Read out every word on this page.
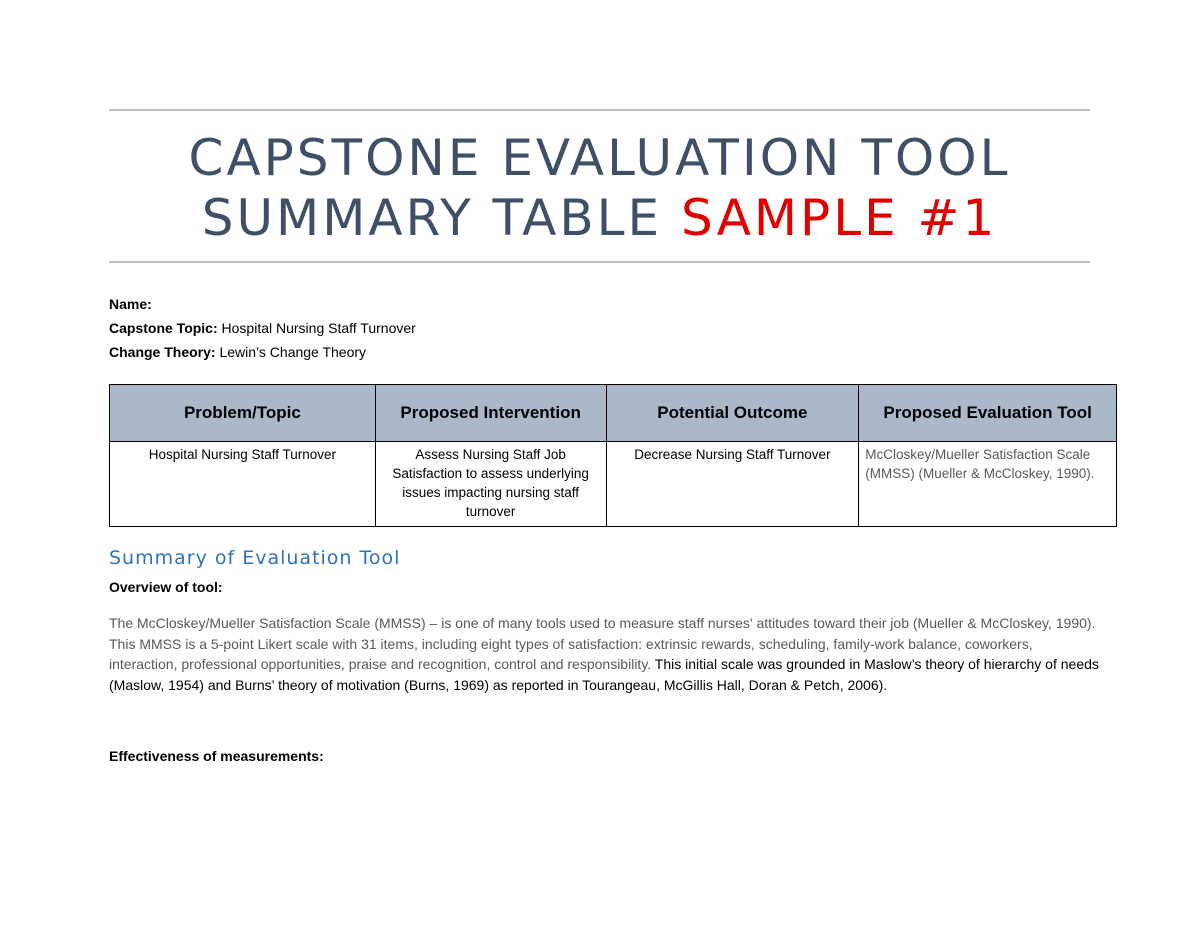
CAPSTONE EVALUATION TOOL
SUMMARY TABLE SAMPLE #1
Name:
Capstone Topic: Hospital Nursing Staff Turnover
Change Theory: Lewin’s Change Theory
Problem/Topic	Proposed Intervention	Potential Outcome	Proposed Evaluation Tool
Hospital Nursing Staff Turnover	Assess Nursing Staff Job Satisfaction to assess underlying issues impacting nursing staff turnover	Decrease Nursing Staff Turnover	McCloskey/Mueller Satisfaction Scale (MMSS) (Mueller & McCloskey, 1990).
Summary of Evaluation Tool
Overview of tool:
The McCloskey/Mueller Satisfaction Scale (MMSS) – is one of many tools used to measure staff nurses' attitudes toward their job (Mueller & McCloskey, 1990). This MMSS is a 5-point Likert scale with 31 items, including eight types of satisfaction: extrinsic rewards, scheduling, family-work balance, coworkers, interaction, professional opportunities, praise and recognition, control and responsibility. This initial scale was grounded in Maslow’s theory of hierarchy of needs (Maslow, 1954) and Burns’ theory of motivation (Burns, 1969) as reported in Tourangeau, McGillis Hall, Doran & Petch, 2006).
Effectiveness of measurements:
